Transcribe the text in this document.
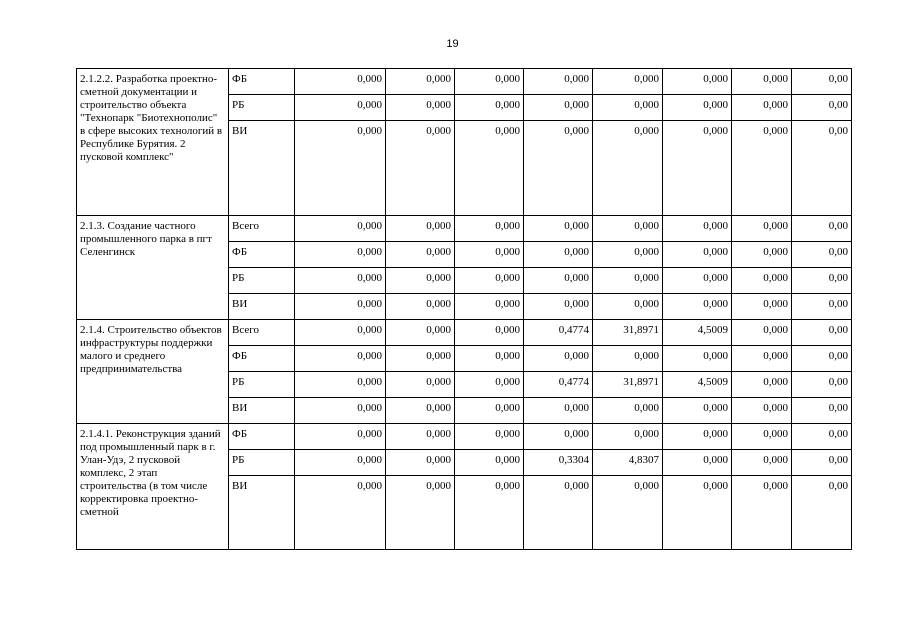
19
2.1.2.2. Разработка проектно-сметной документации и строительство объекта "Технопарк "Биотехнополис" в сфере высоких технологий в Республике Бурятия. 2 пусковой комплекс"	ФБ	0,000	0,000	0,000	0,000	0,000	0,000	0,000	0,00
	РБ	0,000	0,000	0,000	0,000	0,000	0,000	0,000	0,00
	ВИ	0,000	0,000	0,000	0,000	0,000	0,000	0,000	0,00
2.1.3. Создание частного промышленного парка в пгт Селенгинск	Всего	0,000	0,000	0,000	0,000	0,000	0,000	0,000	0,00
	ФБ	0,000	0,000	0,000	0,000	0,000	0,000	0,000	0,00
	РБ	0,000	0,000	0,000	0,000	0,000	0,000	0,000	0,00
	ВИ	0,000	0,000	0,000	0,000	0,000	0,000	0,000	0,00
2.1.4. Строительство объектов инфраструктуры поддержки малого и среднего предпринимательства	Всего	0,000	0,000	0,000	0,4774	31,8971	4,5009	0,000	0,00
	ФБ	0,000	0,000	0,000	0,000	0,000	0,000	0,000	0,00
	РБ	0,000	0,000	0,000	0,4774	31,8971	4,5009	0,000	0,00
	ВИ	0,000	0,000	0,000	0,000	0,000	0,000	0,000	0,00
2.1.4.1. Реконструкция зданий под промышленный парк в г. Улан-Удэ, 2 пусковой комплекс, 2 этап строительства (в том числе корректировка проектно-сметной	ФБ	0,000	0,000	0,000	0,000	0,000	0,000	0,000	0,00
	РБ	0,000	0,000	0,000	0,3304	4,8307	0,000	0,000	0,00
	ВИ	0,000	0,000	0,000	0,000	0,000	0,000	0,000	0,00
